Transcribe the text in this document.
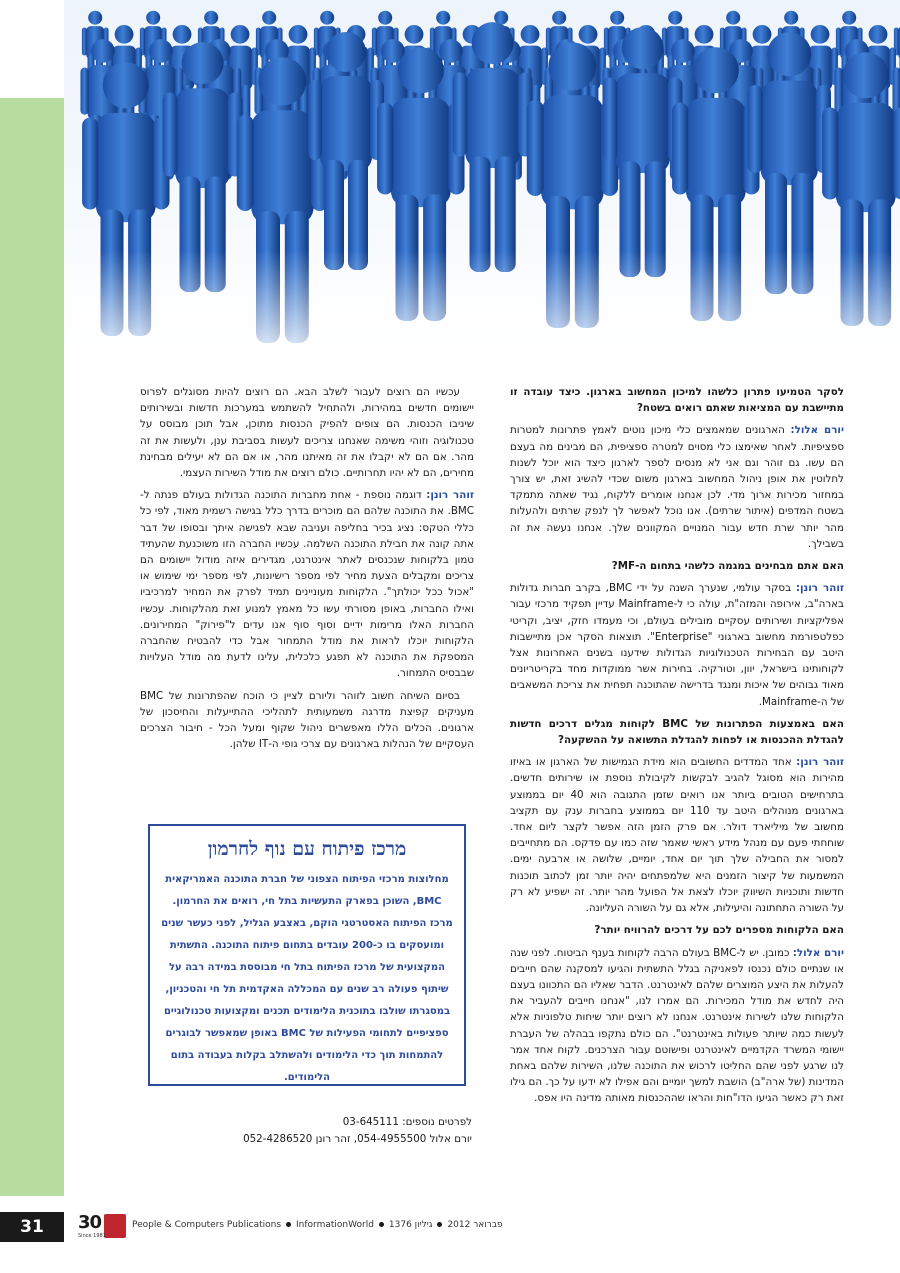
לסקר הטמיעו פתרון כלשהו למיכון המחשוב בארגון. כיצד עובדה זו מתיישבת עם המציאות שאתם רואים בשטח?

יורם אלול: הארגונים שמאמצים כלי מיכון נוטים לאמץ פתרונות למטרות ספציפיות. לאחר שאימצו כלי מסוים למטרה ספציפית, הם מבינים מה בעצם הם עשו. גם זוהר וגם אני לא מנסים לספר לארגון כיצד הוא יוכל לשנות לחלוטין את אופן ניהול המחשוב בארגון משום שכדי להשיג זאת, יש צורך במחזור מכירות ארוך מדי. לכן אנחנו אומרים ללקוח, נגיד שאתה מתמקד בשטח המדפים (איתור שרתים). אנו נוכל לאפשר לך לנפק שרתים ולהעלות מהר יותר שרת חדש עבור המנויים המקוונים שלך. אנחנו נעשה את זה בשבילך.

האם אתם מבחינים במגמה כלשהי בתחום ה-MF?

זוהר רונן: בסקר עולמי, שנערך השנה על ידי BMC, בקרב חברות גדולות בארה"ב, אירופה והמזה"ת, עולה כי ל-Mainframe עדיין תפקיד מרכזי עבור אפליקציות ושירותים עסקיים מובילים בעולם, וכי מעמדו חזק, יציב, וקריטי כפלטפורמת מחשוב בארגוני "Enterprise". תוצאות הסקר אכן מתיישבות היטב עם הבחירות הטכנולוגיות הגדולות שידענו בשנים האחרונות אצל לקוחותינו בישראל, יוון, וטורקיה. בחירות אשר ממוקדות מחד בקריטריונים מאוד גבוהים של איכות ומנגד בדרישה שהתוכנה תפחית את צריכת המשאבים של ה-Mainframe.

האם באמצעות הפתרונות של BMC לקוחות מגלים דרכים חדשות להגדלת ההכנסות או לפחות להגדלת התשואה על ההשקעה?

זוהר רונן: אחד המדדים החשובים הוא מידת הגמישות של הארגון או באיזו מהירות הוא מסוגל להגיב לבקשות לקיבולת נוספת או שירותים חדשים. בתרחישים הטובים ביותר אנו רואים שזמן התגובה הוא 40 יום בממוצע בארגונים מנוהלים היטב עד 110 יום בממוצע בחברות ענק עם תקציב מחשוב של מיליארד דולר. אם פרק הזמן הזה אפשר לקצר ליום אחד. שוחחתי פעם עם מנהל מידע ראשי שאמר שזה כמו עם פדקס. הם מתחייבים למסור את החבילה שלך תוך יום אחד, יומיים, שלושה או ארבעה ימים. המשמעות של קיצור הזמנים היא שלמפתחים יהיה יותר זמן לכתוב תוכנות חדשות ותוכניות השיווק יוכלו לצאת אל הפועל מהר יותר. זה ישפיע לא רק על השורה התחתונה והיעילות, אלא גם על השורה העליונה.

האם הלקוחות מספרים לכם על דרכים להרוויח יותר?

יורם אלול: כמובן. יש ל-BMC בעולם הרבה לקוחות בענף הביטוח. לפני שנה או שנתיים כולם נכנסו לפאניקה בגלל התשתית והגיעו למסקנה שהם חייבים להעלות את היצע המוצרים שלהם לאינטרנט. הדבר שאליו הם התכוונו בעצם היה לחדש את מודל המכירות. הם אמרו לנו, "אנחנו חייבים להעביר את הלקוחות שלנו לשירות אינטרנט. אנחנו לא רוצים יותר שיחות טלפוניות אלא לעשות כמה שיותר פעולות באינטרנט". הם כולם נתקפו בבהלה של העברת יישומי המשרד הקדמיים לאינטרנט ופישוטם עבור הצרכנים. לקוח אחד אמר לנו שרגע לפני שהם החליטו לרכוש את התוכנה שלנו, השירות שלהם באחת המדינות (של ארה"ב) הושבת למשך יומיים והם אפילו לא ידעו על כך. הם גילו זאת רק כאשר הגיעו הדו"חות והראו שההכנסות מאותה מדינה היו אפס.

עכשיו הם רוצים לעבור לשלב הבא. הם רוצים להיות מסוגלים לפרוס יישומים חדשים במהירות, ולהתחיל להשתמש במערכות חדשות ובשירותים שיניבו הכנסות. הם צופים להפיק הכנסות מתוכן, אבל תוכן מבוסס על טכנולוגיה וזוהי משימה שאנחנו צריכים לעשות בסביבת ענן, ולעשות את זה מהר. אם הם לא יקבלו את זה מאיתנו מהר, או אם הם לא יעילים מבחינת מחירים, הם לא יהיו תחרותיים. כולם רוצים את מודל השירות העצמי.

זוהר רונן: דוגמה נוספת - אחת מחברות התוכנה הגדולות בעולם פנתה ל-BMC. את התוכנה שלהם הם מוכרים בדרך כלל בגישה רשמית מאוד, לפי כל כללי הטקס: נציג בכיר בחליפה ועניבה שבא לפגישה איתך ובסופו של דבר אתה קונה את חבילת התוכנה השלמה. עכשיו החברה הזו משוכנעת שהעתיד טמון בלקוחות שנכנסים לאתר אינטרנט, מגדירים איזה מודול יישומים הם צריכים ומקבלים הצעת מחיר לפי מספר רישיונות, לפי מספר ימי שימוש או "אכול ככל יכולתך". הלקוחות מעוניינים תמיד לפרק את המחיר למרכיביו ואילו החברות, באופן מסורתי עשו כל מאמץ למנוע זאת מהלקוחות. עכשיו החברות האלו מרימות ידיים וסוף סוף אנו עדים ל"פירוק" המחירונים. הלקוחות יוכלו לראות את מודל התמחור אבל כדי להבטיח שהחברה המספקת את התוכנה לא תפגע כלכלית, עלינו לדעת מה מודל העלויות שבבסיס התמחור.

בסיום השיחה חשוב לזוהר וליורם לציין כי הוכח שהפתרונות של BMC מעניקים קפיצת מדרגה משמעותית לתהליכי ההתייעלות והחיסכון של ארגונים. הכלים הללו מאפשרים ניהול שקוף ומעל הכל - חיבור הצרכים העסקיים של הנהלות בארגונים עם צרכי גופי ה-IT שלהן.

מרכז פיתוח עם נוף לחרמון
מחלוצות מרכזי הפיתוח הצפוני של חברת התוכנה האמריקאית BMC, השוכן בפארק התעשיות בתל חי, רואים את החרמון. מרכז הפיתוח האסטרטגי הוקם, באצבע הגליל, לפני כעשר שנים ומועסקים בו כ-200 עובדים בתחום פיתוח התוכנה. התשתית המקצועית של מרכז הפיתוח בתל חי מבוססת במידה רבה על שיתוף פעולה רב שנים עם המכללה האקדמית תל חי והטכניון, במסגרתו שולבו בתוכנית הלימודים תכנים ומקצועות טכנולוגיים ספציפיים לתחומי הפעילות של BMC באופן שמאפשר לבוגרים להתמחות תוך כדי הלימודים ולהשתלב בקלות בעבודה בתום הלימודים.
לפרטים נוספים: 03-645111
יורם אלול 054-4955500, זהר רונן 052-4286520
31	30
Since 1981
People & Computers Publications InformationWorld	פברואר 2012גיליון 1376
